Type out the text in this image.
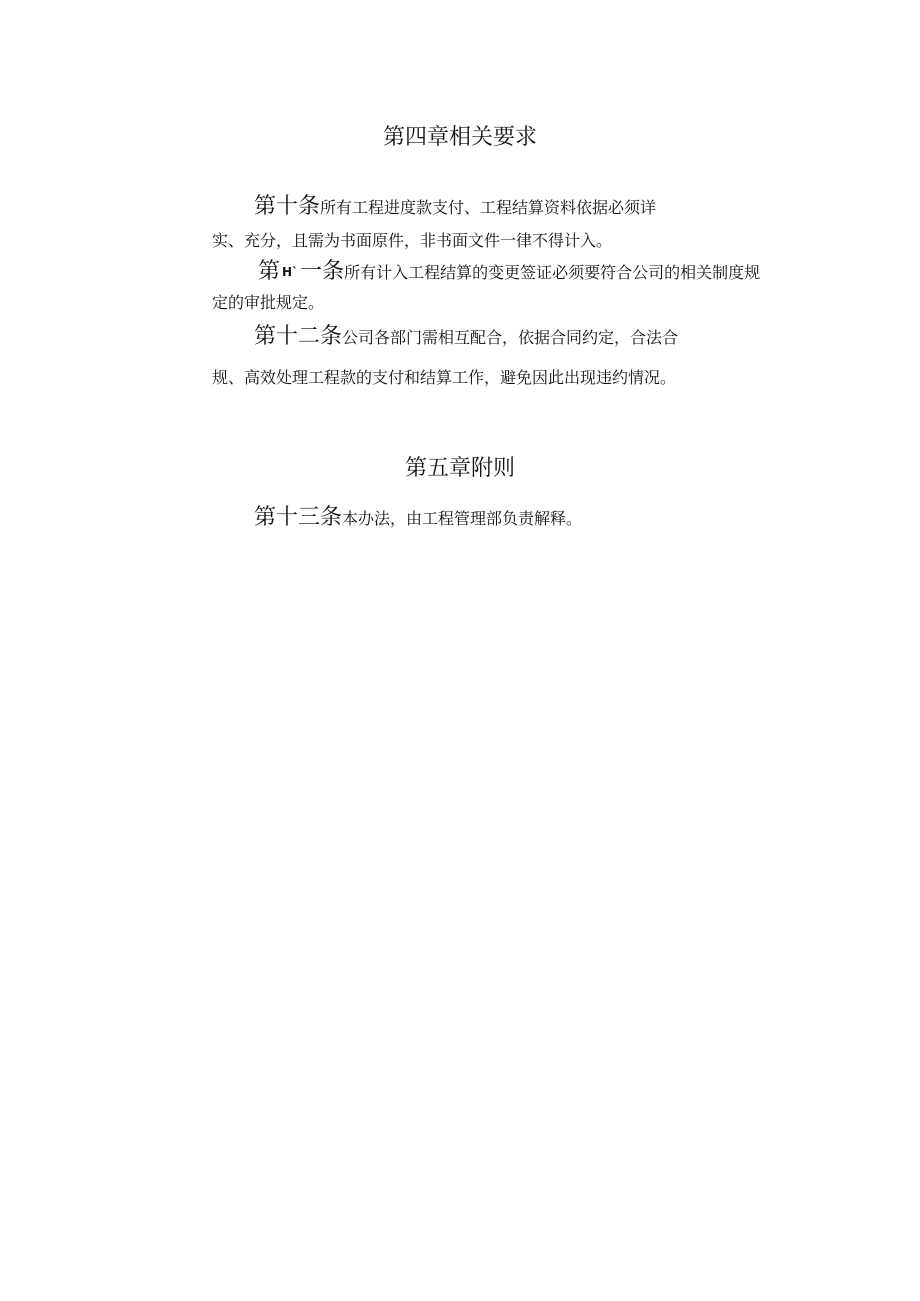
第四章相关要求
第十条所有工程进度款支付、工程结算资料依据必须详
实、充分，且需为书面原件，非书面文件一律不得计入。
第 H`一条所有计入工程结算的变更签证必须要符合公司的相关制度规
定的审批规定。
第十二条公司各部门需相互配合，依据合同约定，合法合
规、高效处理工程款的支付和结算工作，避免因此出现违约情况。
第五章附则
第十三条本办法，由工程管理部负责解释。
